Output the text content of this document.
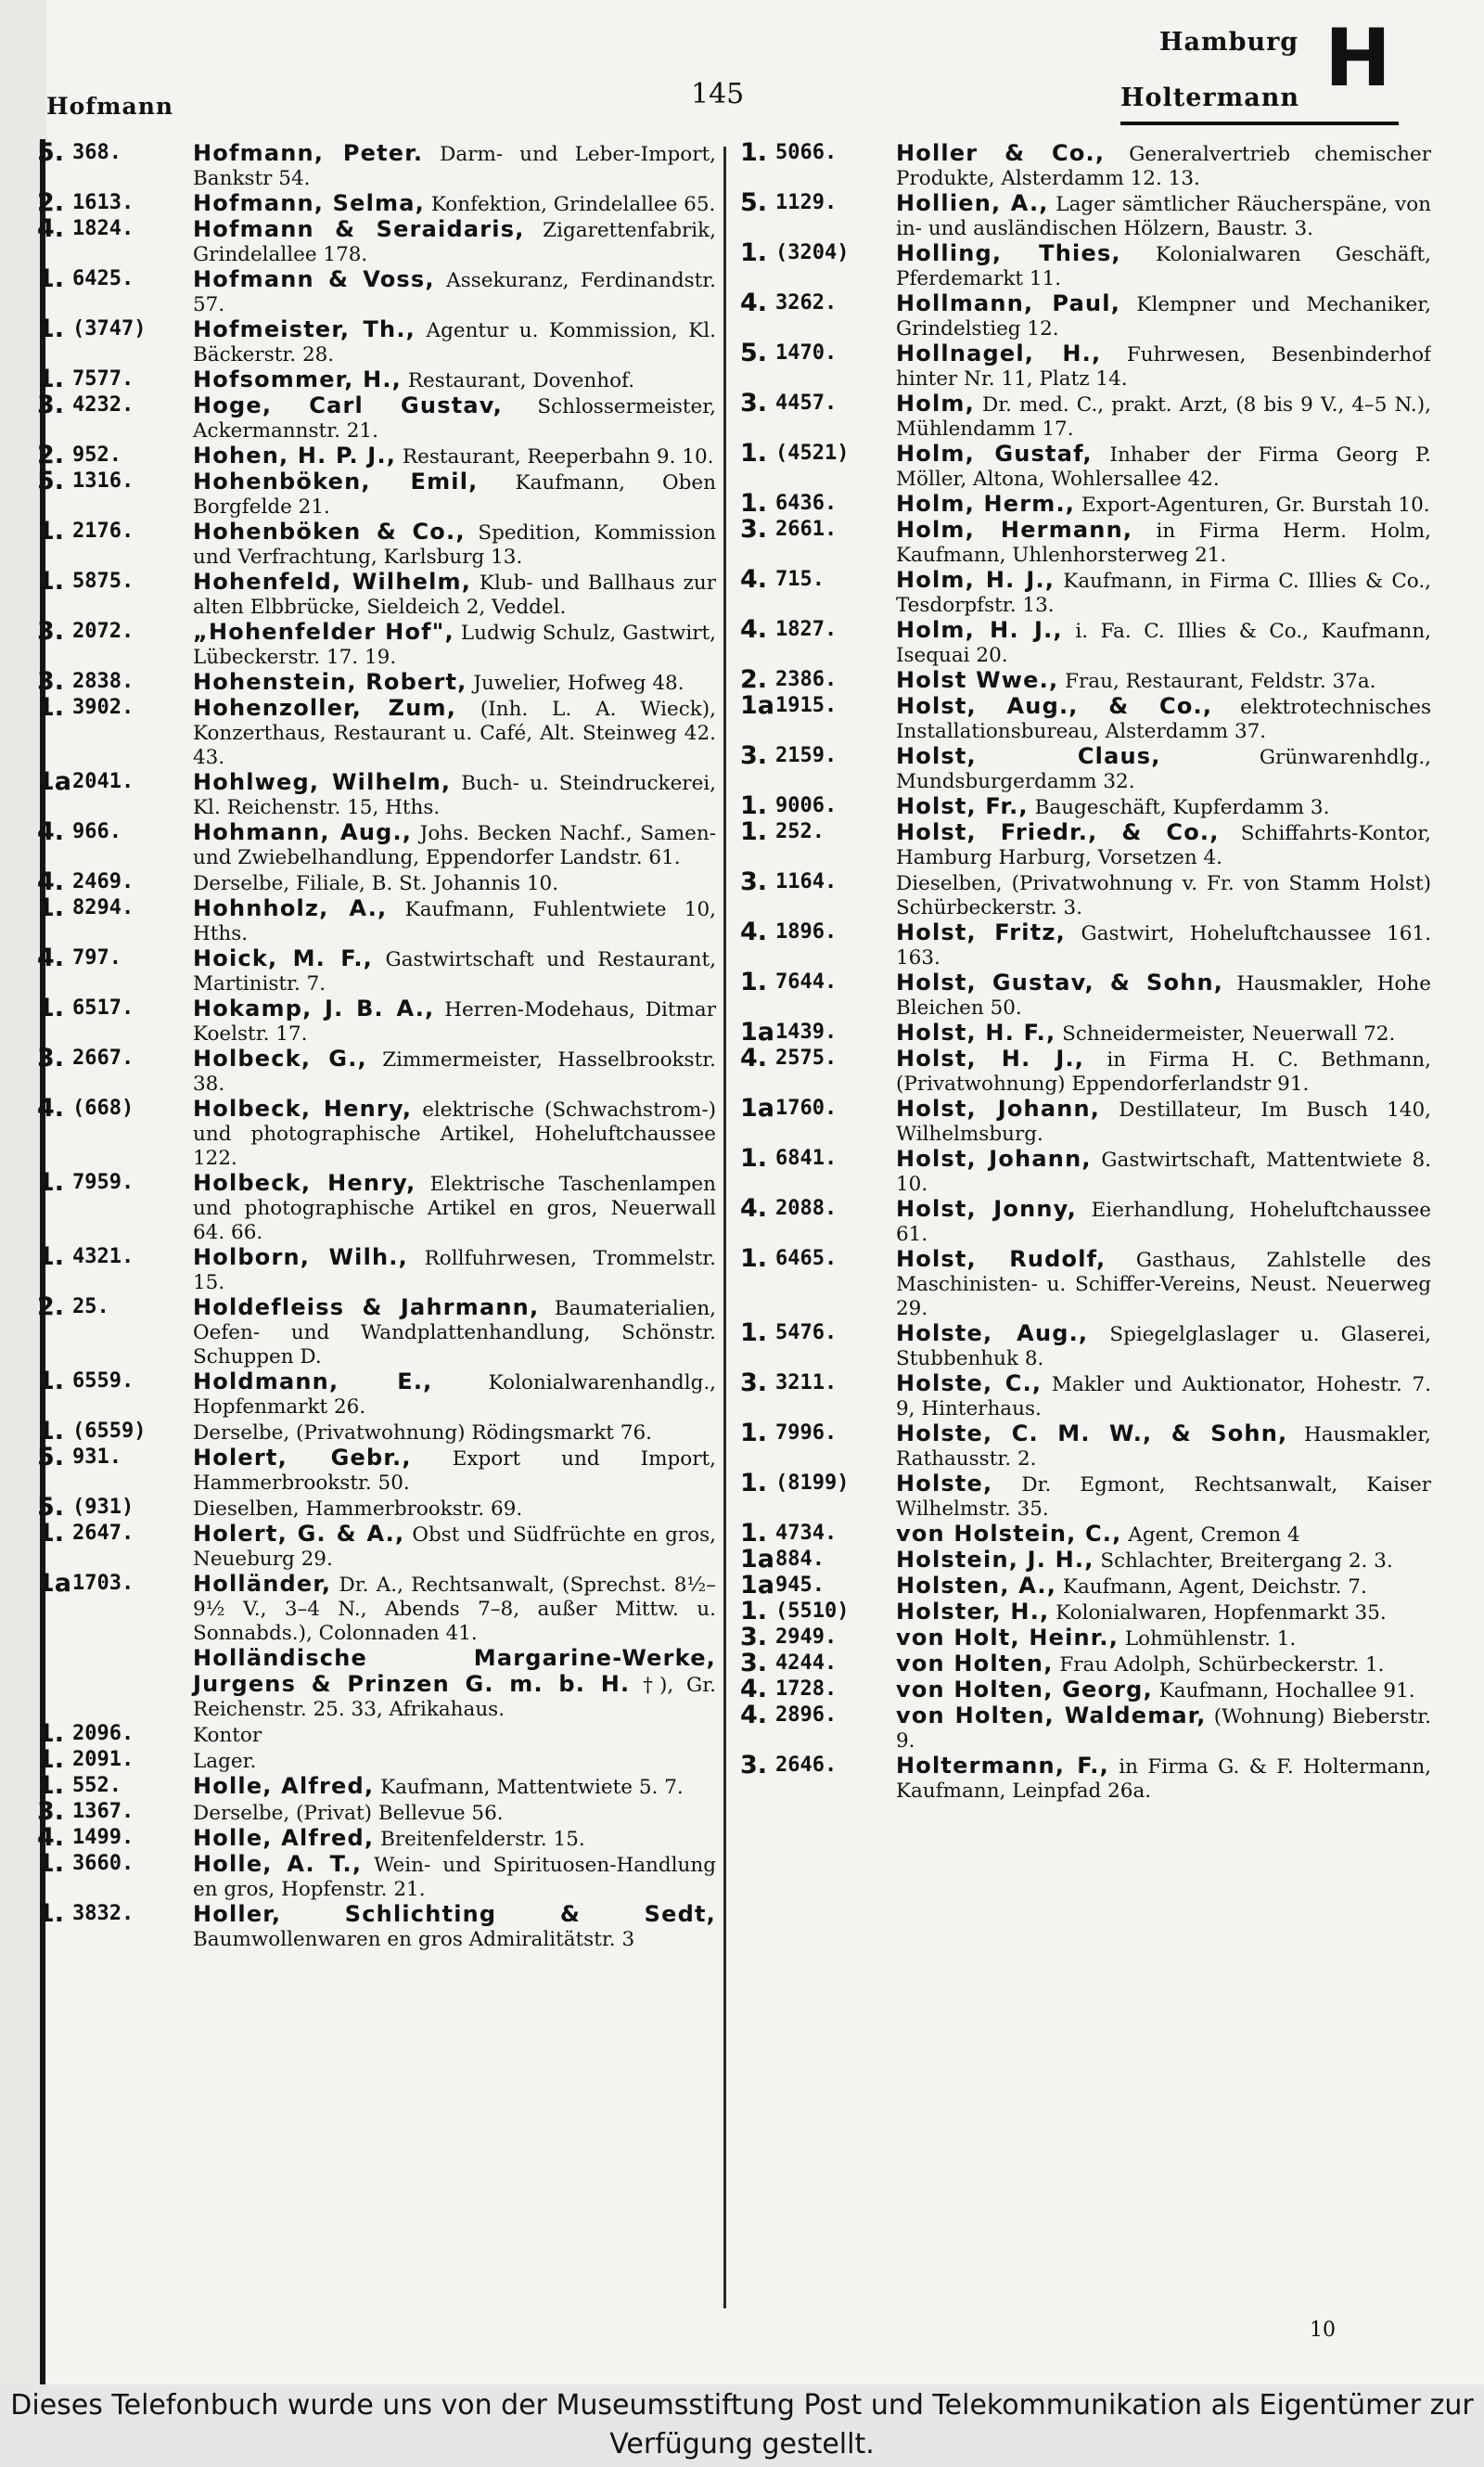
Hofmann	145
Hamburg
Holtermann H
5. 368.	Hofmann, Peter. Darm- und Leber-Import, Bankstr 54.
2. 1613.	Hofmann, Selma, Konfektion, Grindelallee 65.
4. 1824.	Hofmann & Seraidaris, Zigarettenfabrik, Grindelallee 178.
1. 6425.	Hofmann & Voss, Assekuranz, Ferdinandstr. 57.
1. (3747) Hofmeister, Th., Agentur u. Kommission, Kl. Bäckerstr. 28.
1. 7577.	Hofsommer, H., Restaurant, Dovenhof.
3. 4232.	Hoge, Carl Gustav, Schlossermeister, Ackermannstr. 21.
2. 952.	Hohen, H. P. J., Restaurant, Reeperbahn 9. 10.
5. 1316.	Hohenböken, Emil, Kaufmann, Oben Borgfelde 21.
1. 2176.	Hohenböken & Co., Spedition, Kommission und Verfrachtung, Karlsburg 13.
1. 5875.	Hohenfeld, Wilhelm, Klub- und Ballhaus zur alten Elbbrücke, Sieldeich 2, Veddel.
3. 2072.	„Hohenfelder Hof", Ludwig Schulz, Gastwirt, Lübeckerstr. 17. 19.
3. 2838.	Hohenstein, Robert, Juwelier, Hofweg 48.
1. 3902.	Hohenzoller, Zum, (Inh. L. A. Wieck), Konzerthaus, Restaurant u. Café, Alt. Steinweg 42. 43.
1a 2041.	Hohlweg, Wilhelm, Buch- u. Steindruckerei, Kl. Reichenstr. 15, Hths.
4. 966.	Hohmann, Aug., Johs. Becken Nachf., Samen- und Zwiebelhandlung, Eppendorfer Landstr. 61.
4. 2469.	Derselbe, Filiale, B. St. Johannis 10.
1. 8294.	Hohnholz, A., Kaufmann, Fuhlentwiete 10, Hths.
4. 797.	Hoick, M. F., Gastwirtschaft und Restaurant, Martinistr. 7.
1. 6517.	Hokamp, J. B. A., Herren-Modehaus, Ditmar Koelstr. 17.
3. 2667.	Holbeck, G., Zimmermeister, Hasselbrookstr. 38.
4. (668)	Holbeck, Henry, elektrische (Schwachstrom-) und photographische Artikel, Hoheluftchaussee 122.
1. 7959.	Holbeck, Henry, Elektrische Taschenlampen und photographische Artikel en gros, Neuerwall 64. 66.
1. 4321.	Holborn, Wilh., Rollfuhrwesen, Trommelstr. 15.
2. 25.	Holdefleiss & Jahrmann, Baumaterialien, Oefen- und Wandplattenhandlung, Schönstr. Schuppen D.
1. 6559.	Holdmann, E., Kolonialwarenhandlg., Hopfenmarkt 26.
1. (6559) Derselbe, (Privatwohnung) Rödingsmarkt 76.
5. 931.	Holert, Gebr., Export und Import, Hammerbrookstr. 50.
5. (931)	Dieselben, Hammerbrookstr. 69.
1. 2647.	Holert, G. & A., Obst und Südfrüchte en gros, Neueburg 29.
1a 1703.	Holländer, Dr. A., Rechtsanwalt, (Sprechst. 8½–9½ V., 3–4 N., Abends 7–8, außer Mittw. u. Sonnabds.), Colonnaden 41.
Holländische Margarine-Werke, Jurgens & Prinzen G. m. b. H. †), Gr. Reichenstr. 25. 33, Afrikahaus.
1. 2096.	Kontor
1. 2091.	Lager.
1. 552.	Holle, Alfred, Kaufmann, Mattentwiete 5. 7.
3. 1367.	Derselbe, (Privat) Bellevue 56.
4. 1499.	Holle, Alfred, Breitenfelderstr. 15.
1. 3660.	Holle, A. T., Wein- und Spirituosen-Handlung en gros, Hopfenstr. 21.
1. 3832.	Holler, Schlichting & Sedt, Baumwollenwaren en gros Admiralitätstr. 3
1. 5066.	Holler & Co., Generalvertrieb chemischer Produkte, Alsterdamm 12. 13.
5. 1129.	Hollien, A., Lager sämtlicher Räucherspäne, von in- und ausländischen Hölzern, Baustr. 3.
1. (3204) Holling, Thies, Kolonialwaren Geschäft, Pferdemarkt 11.
4. 3262.	Hollmann, Paul, Klempner und Mechaniker, Grindelstieg 12.
5. 1470.	Hollnagel, H., Fuhrwesen, Besenbinderhof hinter Nr. 11, Platz 14.
3. 4457.	Holm, Dr. med. C., prakt. Arzt, (8 bis 9 V., 4–5 N.), Mühlendamm 17.
1. (4521) Holm, Gustaf, Inhaber der Firma Georg P. Möller, Altona, Wohlersallee 42.
1. 6436.	Holm, Herm., Export-Agenturen, Gr. Burstah 10.
3. 2661.	Holm, Hermann, in Firma Herm. Holm, Kaufmann, Uhlenhorsterweg 21.
4. 715.	Holm, H. J., Kaufmann, in Firma C. Illies & Co., Tesdorpfstr. 13.
4. 1827.	Holm, H. J., i. Fa. C. Illies & Co., Kaufmann, Isequai 20.
2. 2386.	Holst Wwe., Frau, Restaurant, Feldstr. 37a.
1a 1915.	Holst, Aug., & Co., elektrotechnisches Installationsbureau, Alsterdamm 37.
3. 2159.	Holst, Claus, Grünwarenhdlg., Mundsburgerdamm 32.
1. 9006.	Holst, Fr., Baugeschäft, Kupferdamm 3.
1. 252.	Holst, Friedr., & Co., Schiffahrts-Kontor, Hamburg Harburg, Vorsetzen 4.
3. 1164.	Dieselben, (Privatwohnung v. Fr. von Stamm Holst) Schürbeckerstr. 3.
4. 1896.	Holst, Fritz, Gastwirt, Hoheluftchaussee 161. 163.
1. 7644.	Holst, Gustav, & Sohn, Hausmakler, Hohe Bleichen 50.
1a 1439.	Holst, H. F., Schneidermeister, Neuerwall 72.
4. 2575.	Holst, H. J., in Firma H. C. Bethmann, (Privatwohnung) Eppendorferlandstr 91.
1a 1760.	Holst, Johann, Destillateur, Im Busch 140, Wilhelmsburg.
1. 6841.	Holst, Johann, Gastwirtschaft, Mattentwiete 8. 10.
4. 2088.	Holst, Jonny, Eierhandlung, Hoheluftchaussee 61.
1. 6465.	Holst, Rudolf, Gasthaus, Zahlstelle des Maschinisten- u. Schiffer-Vereins, Neust. Neuerweg 29.
1. 5476.	Holste, Aug., Spiegelglaslager u. Glaserei, Stubbenhuk 8.
3. 3211.	Holste, C., Makler und Auktionator, Hohestr. 7. 9, Hinterhaus.
1. 7996.	Holste, C. M. W., & Sohn, Hausmakler, Rathausstr. 2.
1. (8199) Holste, Dr. Egmont, Rechtsanwalt, Kaiser Wilhelmstr. 35.
1. 4734.	von Holstein, C., Agent, Cremon 4
1a 884.	Holstein, J. H., Schlachter, Breitergang 2. 3.
1a 945.	Holsten, A., Kaufmann, Agent, Deichstr. 7.
1. (5510) Holster, H., Kolonialwaren, Hopfenmarkt 35.
3. 2949.	von Holt, Heinr., Lohmühlenstr. 1.
3. 4244.	von Holten, Frau Adolph, Schürbeckerstr. 1.
4. 1728.	von Holten, Georg, Kaufmann, Hochallee 91.
4. 2896.	von Holten, Waldemar, (Wohnung) Bieberstr. 9.
3. 2646.	Holtermann, F., in Firma G. & F. Holtermann, Kaufmann, Leinpfad 26a.
10
Dieses Telefonbuch wurde uns von der Museumsstiftung Post und Telekommunikation als Eigentümer zur Verfügung gestellt.
